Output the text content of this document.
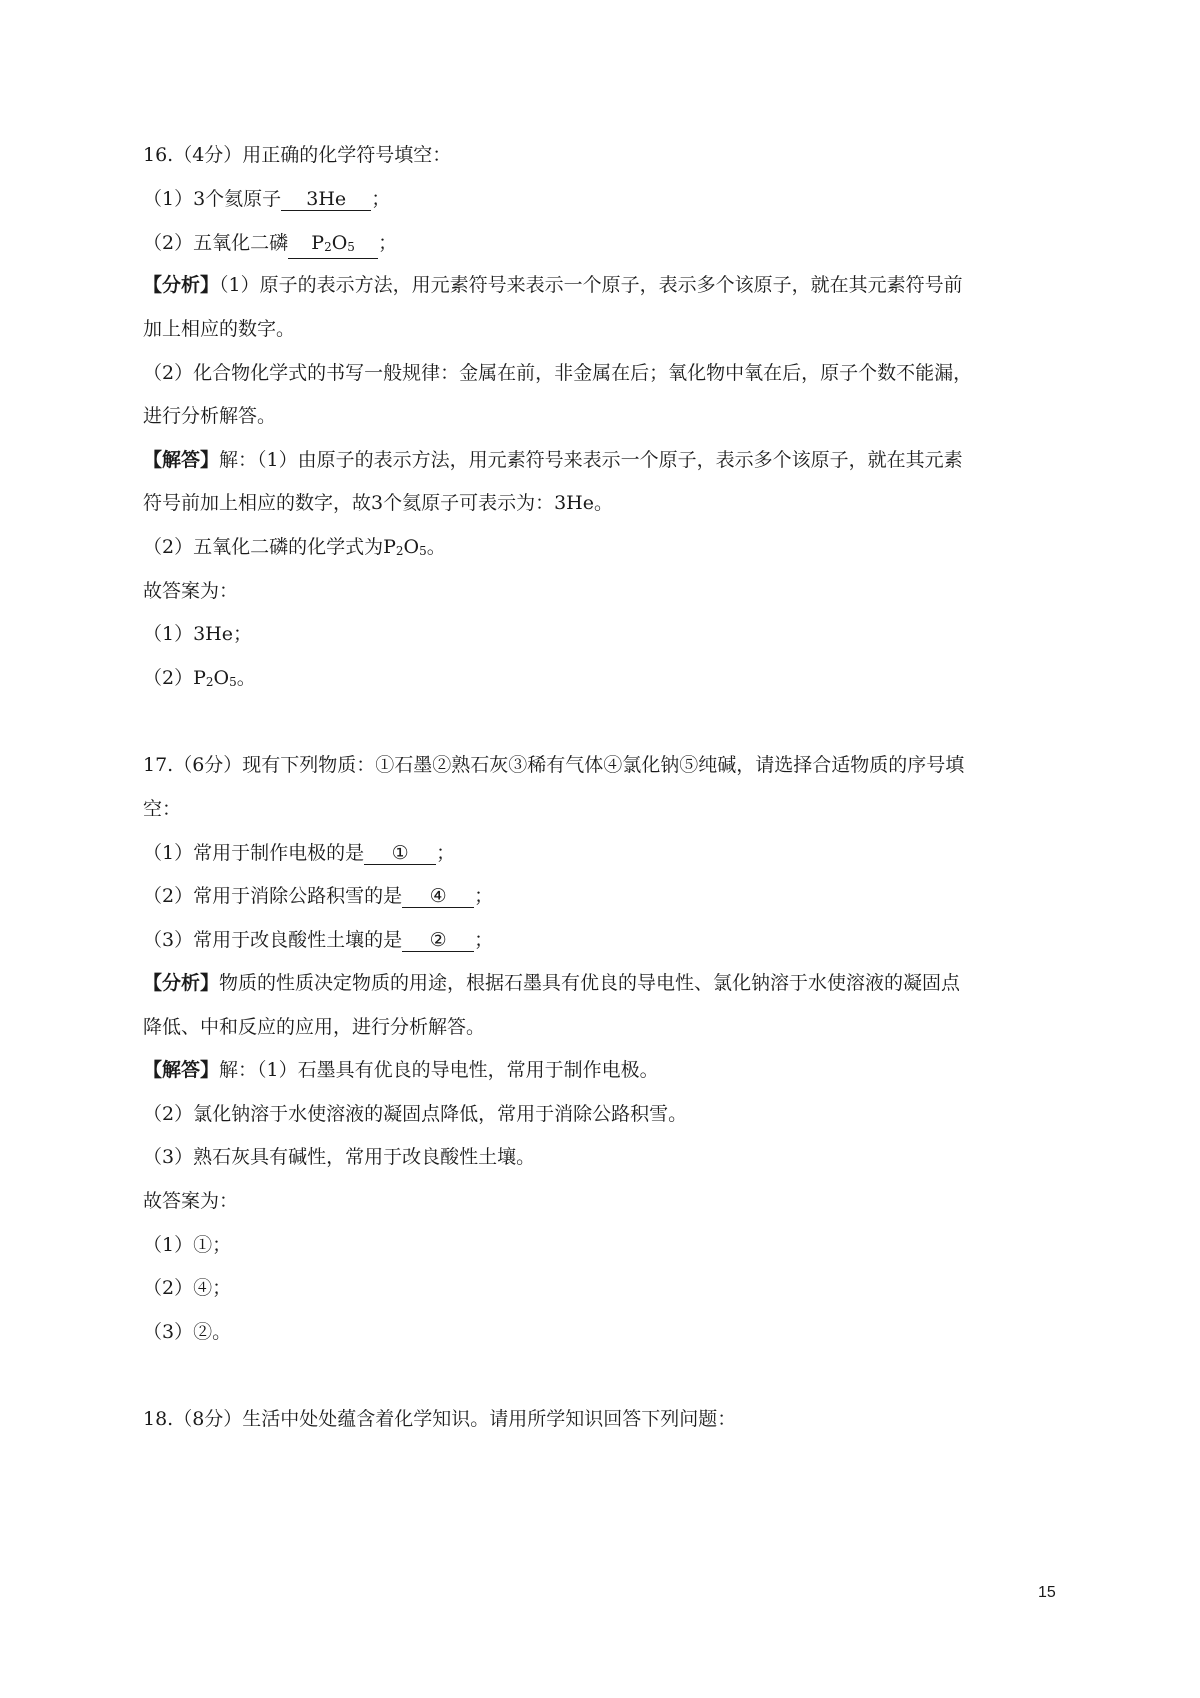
16.（4分）用正确的化学符号填空：
（1）3个氦原子 3He ；
（2）五氧化二磷 P2O5 ；
【分析】（1）原子的表示方法，用元素符号来表示一个原子，表示多个该原子，就在其元素符号前
加上相应的数字。
（2）化合物化学式的书写一般规律：金属在前，非金属在后；氧化物中氧在后，原子个数不能漏，
进行分析解答。
【解答】解：（1）由原子的表示方法，用元素符号来表示一个原子，表示多个该原子，就在其元素
符号前加上相应的数字，故3个氦原子可表示为：3He。
（2）五氧化二磷的化学式为P2O5。
故答案为：
（1）3He；
（2）P2O5。
17.（6分）现有下列物质：①石墨②熟石灰③稀有气体④氯化钠⑤纯碱，请选择合适物质的序号填
空：
（1）常用于制作电极的是 ① ；
（2）常用于消除公路积雪的是 ④ ；
（3）常用于改良酸性土壤的是 ② ；
【分析】物质的性质决定物质的用途，根据石墨具有优良的导电性、氯化钠溶于水使溶液的凝固点
降低、中和反应的应用，进行分析解答。
【解答】解：（1）石墨具有优良的导电性，常用于制作电极。
（2）氯化钠溶于水使溶液的凝固点降低，常用于消除公路积雪。
（3）熟石灰具有碱性，常用于改良酸性土壤。
故答案为：
（1）①；
（2）④；
（3）②。
18.（8分）生活中处处蕴含着化学知识。请用所学知识回答下列问题：
15
